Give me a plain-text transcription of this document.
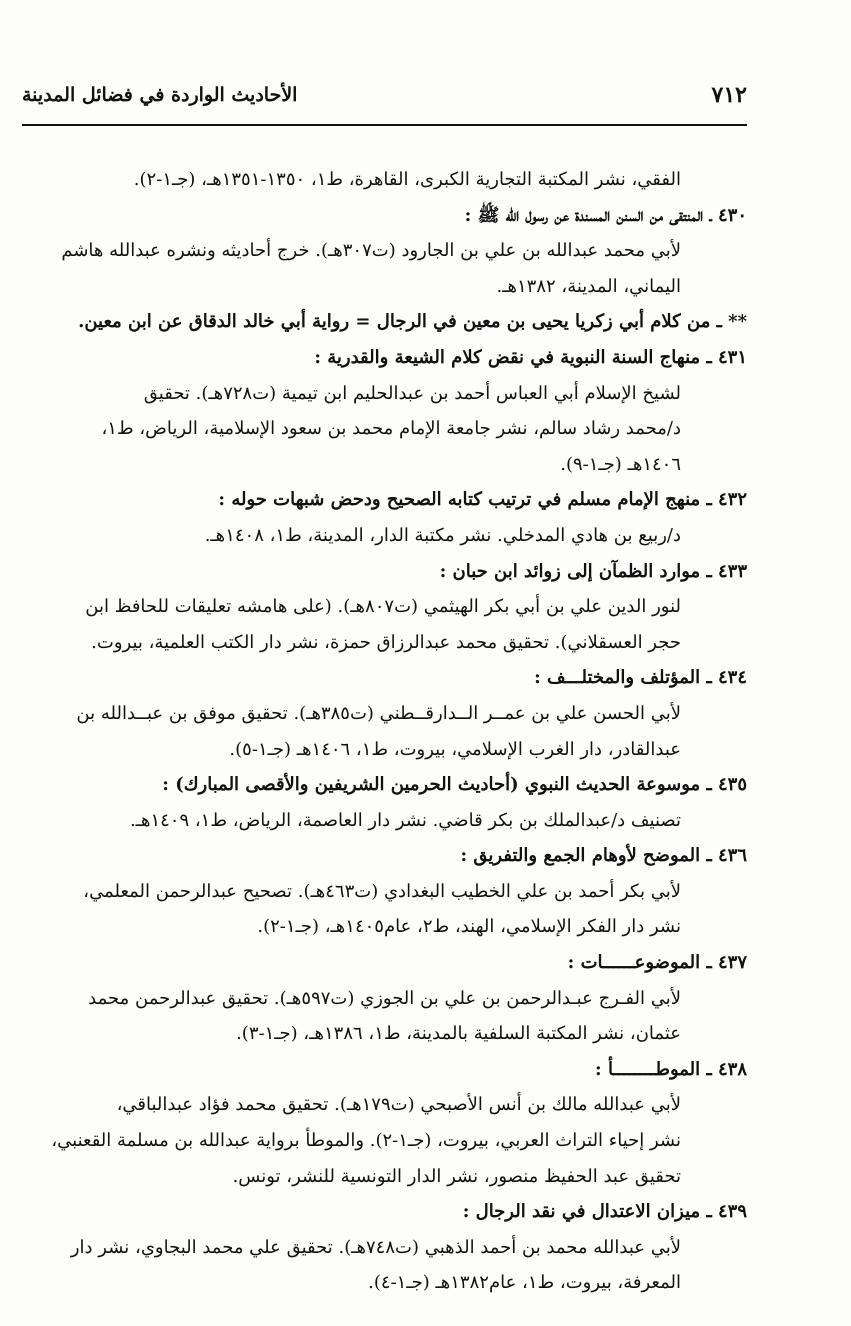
٧١٢
الأحاديث الواردة في فضائل المدينة
الفقي، نشر المكتبة التجارية الكبرى، القاهرة، ط١، ١٣٥٠-١٣٥١هـ، (جـ١-٢).
٤٣٠ ـ المنتقى من السنن المسندة عن رسول الله ﷺ :
لأبي محمد عبدالله بن علي بن الجارود (ت٣٠٧هـ). خرج أحاديثه ونشره عبدالله هاشم
اليماني، المدينة، ١٣٨٢هـ.
** ـ من كلام أبي زكريا يحيى بن معين في الرجال = رواية أبي خالد الدقاق عن ابن معين.
٤٣١ ـ منهاج السنة النبوية في نقض كلام الشيعة والقدرية :
لشيخ الإسلام أبي العباس أحمد بن عبدالحليم ابن تيمية (ت٧٢٨هـ). تحقيق
د/محمد رشاد سالم، نشر جامعة الإمام محمد بن سعود الإسلامية، الرياض، ط١،
١٤٠٦هـ (جـ١-٩).
٤٣٢ ـ منهج الإمام مسلم في ترتيب كتابه الصحيح ودحض شبهات حوله :
د/ربيع بن هادي المدخلي. نشر مكتبة الدار، المدينة، ط١، ١٤٠٨هـ.
٤٣٣ ـ موارد الظمآن إلى زوائد ابن حبان :
لنور الدين علي بن أبي بكر الهيثمي (ت٨٠٧هـ). (على هامشه تعليقات للحافظ ابن
حجر العسقلاني). تحقيق محمد عبدالرزاق حمزة، نشر دار الكتب العلمية، بيروت.
٤٣٤ ـ المؤتلف والمختلـــف :
لأبي الحسن علي بن عمــر الــدارقــطني (ت٣٨٥هـ). تحقيق موفق بن عبــدالله بن
عبدالقادر، دار الغرب الإسلامي، بيروت، ط١، ١٤٠٦هـ (جـ١-٥).
٤٣٥ ـ موسوعة الحديث النبوي (أحاديث الحرمين الشريفين والأقصى المبارك) :
تصنيف د/عبدالملك بن بكر قاضي. نشر دار العاصمة، الرياض، ط١، ١٤٠٩هـ.
٤٣٦ ـ الموضح لأوهام الجمع والتفريق :
لأبي بكر أحمد بن علي الخطيب البغدادي (ت٤٦٣هـ). تصحيح عبدالرحمن المعلمي،
نشر دار الفكر الإسلامي، الهند، ط٢، عام١٤٠٥هـ، (جـ١-٢).
٤٣٧ ـ الموضوعــــــات :
لأبي الفـرج عبـدالرحمن بن علي بن الجوزي (ت٥٩٧هـ). تحقيق عبدالرحمن محمد
عثمان، نشر المكتبة السلفية بالمدينة، ط١، ١٣٨٦هـ، (جـ١-٣).
٤٣٨ ـ الموطــــــــأ :
لأبي عبدالله مالك بن أنس الأصبحي (ت١٧٩هـ). تحقيق محمد فؤاد عبدالباقي،
نشر إحياء التراث العربي، بيروت، (جـ١-٢). والموطأ برواية عبدالله بن مسلمة القعنبي،
تحقيق عبد الحفيظ منصور، نشر الدار التونسية للنشر، تونس.
٤٣٩ ـ ميزان الاعتدال في نقد الرجال :
لأبي عبدالله محمد بن أحمد الذهبي (ت٧٤٨هـ). تحقيق علي محمد البجاوي، نشر دار
المعرفة، بيروت، ط١، عام١٣٨٢هـ (جـ١-٤).
